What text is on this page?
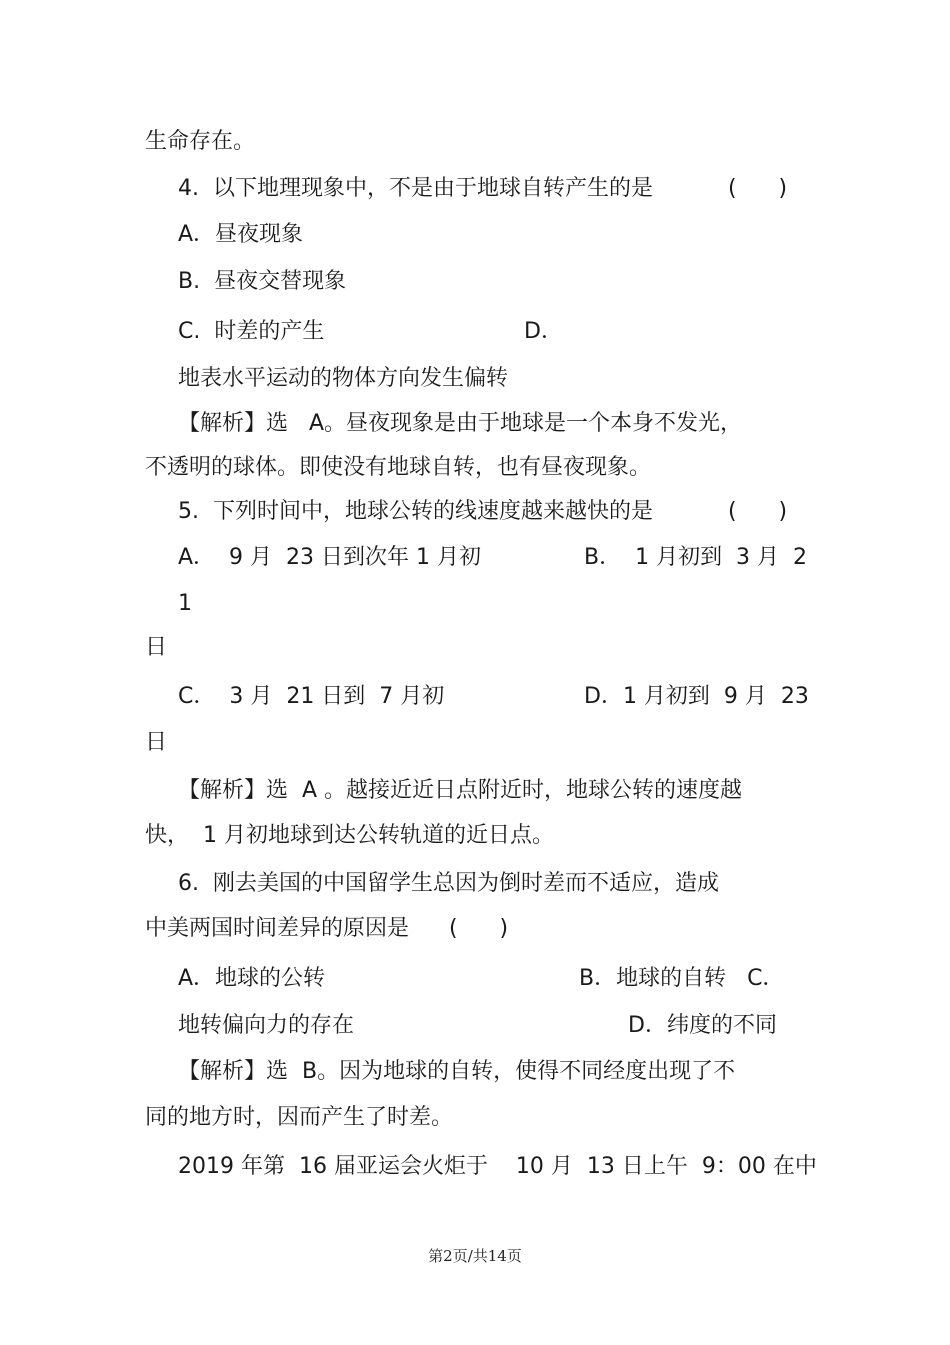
生命存在。

4.  以下地理现象中，不是由于地球自转产生的是	(      )

A．昼夜现象

B.  昼夜交替现象

C.  时差的产生	D．

地表水平运动的物体方向发生偏转

【解析】选   A。昼夜现象是由于地球是一个本身不发光，

不透明的球体。即使没有地球自转，也有昼夜现象。

5.  下列时间中，地球公转的线速度越来越快的是	(      )

A．  9 月  23 日到次年 1 月初	B．  1 月初到  3 月  2

1

日

C．  3 月  21 日到  7 月初	D．1 月初到  9 月  23

日

【解析】选  A 。越接近近日点附近时，地球公转的速度越

快，  1 月初地球到达公转轨道的近日点。

6.  刚去美国的中国留学生总因为倒时差而不适应，造成

中美两国时间差异的原因是 (      )

A．地球的公转	B．地球的自转   C．

地转偏向力的存在	D．纬度的不同

【解析】选  B。因为地球的自转，使得不同经度出现了不

同的地方时，因而产生了时差。

2019 年第  16 届亚运会火炬于    10 月  13 日上午  9：00 在中

第2页/共14页
